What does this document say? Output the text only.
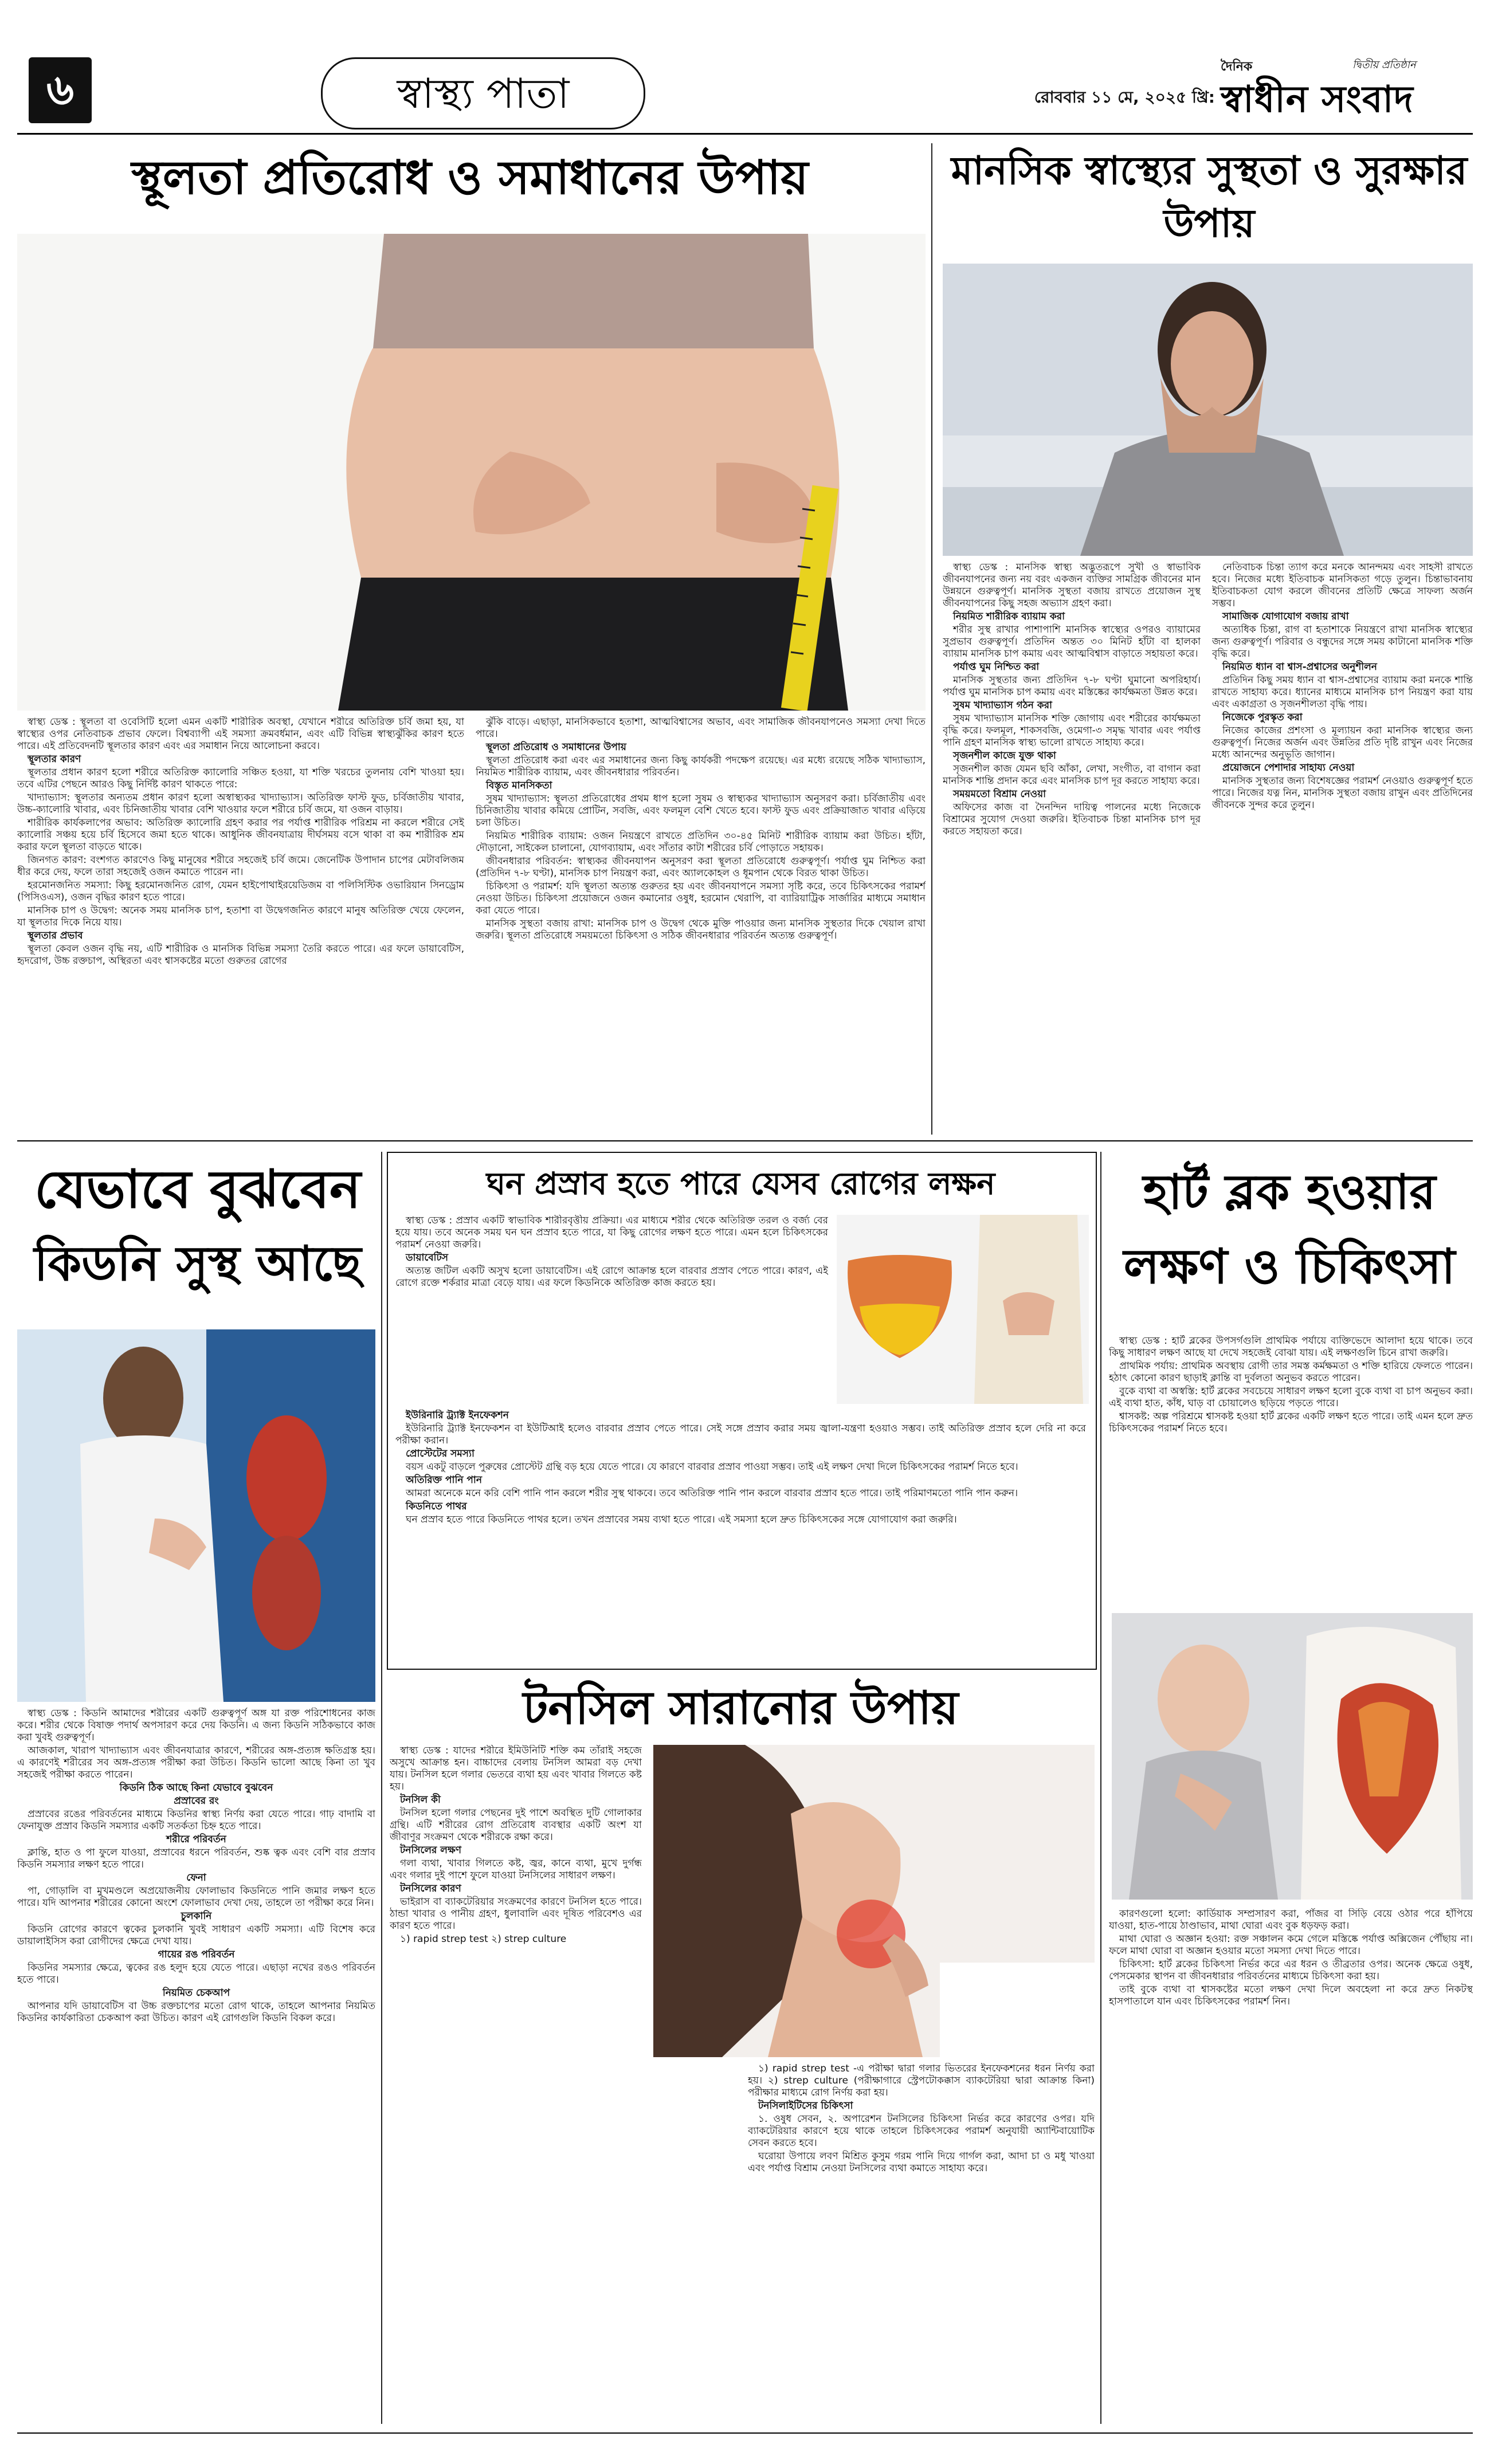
৬	স্বাস্থ্য পাতা	রোববার ১১ মে, ২০২৫ খ্রি:
দৈনিক	দ্বিতীয় প্রতিষ্ঠান
স্বাধীন সংবাদ
স্থূলতা প্রতিরোধ ও সমাধানের উপায়

স্বাস্থ্য ডেস্ক : স্থূলতা বা ওবেসিটি হলো এমন একটি শারীরিক অবস্থা, যেখানে শরীরে অতিরিক্ত চর্বি জমা হয়, যা স্বাস্থ্যের ওপর নেতিবাচক প্রভাব ফেলে। বিশ্বব্যাপী এই সমস্যা ক্রমবর্ধমান, এবং এটি বিভিন্ন স্বাস্থ্যঝুঁকির কারণ হতে পারে। এই প্রতিবেদনটি স্থূলতার কারণ এবং এর সমাধান নিয়ে আলোচনা করবে।

স্থূলতার কারণ

স্থূলতার প্রধান কারণ হলো শরীরে অতিরিক্ত ক্যালোরি সঞ্চিত হওয়া, যা শক্তি খরচের তুলনায় বেশি খাওয়া হয়। তবে এটির পেছনে আরও কিছু নির্দিষ্ট কারণ থাকতে পারে:

খাদ্যাভ্যাস: স্থূলতার অন্যতম প্রধান কারণ হলো অস্বাস্থ্যকর খাদ্যাভ্যাস। অতিরিক্ত ফাস্ট ফুড, চর্বিজাতীয় খাবার, উচ্চ-ক্যালোরি খাবার, এবং চিনিজাতীয় খাবার বেশি খাওয়ার ফলে শরীরে চর্বি জমে, যা ওজন বাড়ায়।

শারীরিক কার্যকলাপের অভাব: অতিরিক্ত ক্যালোরি গ্রহণ করার পর পর্যাপ্ত শারীরিক পরিশ্রম না করলে শরীরে সেই ক্যালোরি সঞ্চয় হয়ে চর্বি হিসেবে জমা হতে থাকে। আধুনিক জীবনযাত্রায় দীর্ঘসময় বসে থাকা বা কম শারীরিক শ্রম করার ফলে স্থূলতা বাড়তে থাকে।

জিনগত কারণ: বংশগত কারণেও কিছু মানুষের শরীরে সহজেই চর্বি জমে। জেনেটিক উপাদান চাপের মেটাবলিজম ধীর করে দেয়, ফলে তারা সহজেই ওজন কমাতে পারেন না।

হরমোনজনিত সমস্যা: কিছু হরমোনজনিত রোগ, যেমন হাইপোথাইরয়েডিজম বা পলিসিস্টিক ওভারিয়ান সিনড্রোম (পিসিওএস), ওজন বৃদ্ধির কারণ হতে পারে।

মানসিক চাপ ও উদ্বেগ: অনেক সময় মানসিক চাপ, হতাশা বা উদ্বেগজনিত কারণে মানুষ অতিরিক্ত খেয়ে ফেলেন, যা স্থূলতার দিকে নিয়ে যায়।

স্থূলতার প্রভাব

স্থূলতা কেবল ওজন বৃদ্ধি নয়, এটি শারীরিক ও মানসিক বিভিন্ন সমস্যা তৈরি করতে পারে। এর ফলে ডায়াবেটিস, হৃদরোগ, উচ্চ রক্তচাপ, অস্থিরতা এবং শ্বাসকষ্টের মতো গুরুতর রোগের

ঝুঁকি বাড়ে। এছাড়া, মানসিকভাবে হতাশা, আত্মবিশ্বাসের অভাব, এবং সামাজিক জীবনযাপনেও সমস্যা দেখা দিতে পারে।

স্থূলতা প্রতিরোধ ও সমাধানের উপায়

স্থূলতা প্রতিরোধ করা এবং এর সমাধানের জন্য কিছু কার্যকরী পদক্ষেপ রয়েছে। এর মধ্যে রয়েছে সঠিক খাদ্যাভ্যাস, নিয়মিত শারীরিক ব্যায়াম, এবং জীবনধারার পরিবর্তন।

বিস্তৃত মানসিকতা

সুষম খাদ্যাভ্যাস: স্থূলতা প্রতিরোধের প্রথম ধাপ হলো সুষম ও স্বাস্থ্যকর খাদ্যাভ্যাস অনুসরণ করা। চর্বিজাতীয় এবং চিনিজাতীয় খাবার কমিয়ে প্রোটিন, সবজি, এবং ফলমূল বেশি খেতে হবে। ফাস্ট ফুড এবং প্রক্রিয়াজাত খাবার এড়িয়ে চলা উচিত।

নিয়মিত শারীরিক ব্যায়াম: ওজন নিয়ন্ত্রণে রাখতে প্রতিদিন ৩০-৪৫ মিনিট শারীরিক ব্যায়াম করা উচিত। হাঁটা, দৌড়ানো, সাইকেল চালানো, যোগব্যায়াম, এবং সাঁতার কাটা শরীরের চর্বি পোড়াতে সহায়ক।

জীবনধারার পরিবর্তন: স্বাস্থ্যকর জীবনযাপন অনুসরণ করা স্থূলতা প্রতিরোধে গুরুত্বপূর্ণ। পর্যাপ্ত ঘুম নিশ্চিত করা (প্রতিদিন ৭-৮ ঘণ্টা), মানসিক চাপ নিয়ন্ত্রণ করা, এবং অ্যালকোহল ও ধূমপান থেকে বিরত থাকা উচিত।

চিকিৎসা ও পরামর্শ: যদি স্থূলতা অত্যন্ত গুরুতর হয় এবং জীবনযাপনে সমস্যা সৃষ্টি করে, তবে চিকিৎসকের পরামর্শ নেওয়া উচিত। চিকিৎসা প্রয়োজনে ওজন কমানোর ওষুধ, হরমোন থেরাপি, বা ব্যারিয়াট্রিক সার্জারির মাধ্যমে সমাধান করা যেতে পারে।

মানসিক সুস্থতা বজায় রাখা: মানসিক চাপ ও উদ্বেগ থেকে মুক্তি পাওয়ার জন্য মানসিক সুস্থতার দিকে খেয়াল রাখা জরুরি। স্থূলতা প্রতিরোধে সময়মতো চিকিৎসা ও সঠিক জীবনধারার পরিবর্তন অত্যন্ত গুরুত্বপূর্ণ।

মানসিক স্বাস্থ্যের সুস্থতা ও সুরক্ষার উপায়

স্বাস্থ্য ডেস্ক : মানসিক স্বাস্থ্য অদ্ভুতরূপে সুখী ও স্বাভাবিক জীবনযাপনের জন্য নয় বরং একজন ব্যক্তির সামগ্রিক জীবনের মান উন্নয়নে গুরুত্বপূর্ণ। মানসিক সুস্থতা বজায় রাখতে প্রয়োজন সুস্থ জীবনযাপনের কিছু সহজ অভ্যাস গ্রহণ করা।

নিয়মিত শারীরিক ব্যায়াম করা

শরীর সুস্থ রাখার পাশাপাশি মানসিক স্বাস্থ্যের ওপরও ব্যায়ামের সুপ্রভাব গুরুত্বপূর্ণ। প্রতিদিন অন্তত ৩০ মিনিট হাঁটা বা হালকা ব্যায়াম মানসিক চাপ কমায় এবং আত্মবিশ্বাস বাড়াতে সহায়তা করে।

পর্যাপ্ত ঘুম নিশ্চিত করা

মানসিক সুস্থতার জন্য প্রতিদিন ৭-৮ ঘণ্টা ঘুমানো অপরিহার্য। পর্যাপ্ত ঘুম মানসিক চাপ কমায় এবং মস্তিষ্কের কার্যক্ষমতা উন্নত করে।

সুষম খাদ্যাভ্যাস গঠন করা

সুষম খাদ্যাভ্যাস মানসিক শক্তি জোগায় এবং শরীরের কার্যক্ষমতা বৃদ্ধি করে। ফলমূল, শাকসবজি, ওমেগা-৩ সমৃদ্ধ খাবার এবং পর্যাপ্ত পানি গ্রহণ মানসিক স্বাস্থ্য ভালো রাখতে সাহায্য করে।

সৃজনশীল কাজে যুক্ত থাকা

সৃজনশীল কাজ যেমন ছবি আঁকা, লেখা, সংগীত, বা বাগান করা মানসিক শান্তি প্রদান করে এবং মানসিক চাপ দূর করতে সাহায্য করে।

সময়মতো বিশ্রাম নেওয়া

অফিসের কাজ বা দৈনন্দিন দায়িত্ব পালনের মধ্যে নিজেকে বিশ্রামের সুযোগ দেওয়া জরুরি। ইতিবাচক চিন্তা মানসিক চাপ দূর করতে সহায়তা করে।

নেতিবাচক চিন্তা ত্যাগ করে মনকে আনন্দময় এবং সাহসী রাখতে হবে। নিজের মধ্যে ইতিবাচক মানসিকতা গড়ে তুলুন। চিন্তাভাবনায় ইতিবাচকতা যোগ করলে জীবনের প্রতিটি ক্ষেত্রে সাফল্য অর্জন সম্ভব।

সামাজিক যোগাযোগ বজায় রাখা

অত্যধিক চিন্তা, রাগ বা হতাশাকে নিয়ন্ত্রণে রাখা মানসিক স্বাস্থ্যের জন্য গুরুত্বপূর্ণ। পরিবার ও বন্ধুদের সঙ্গে সময় কাটানো মানসিক শক্তি বৃদ্ধি করে।

নিয়মিত ধ্যান বা শ্বাস-প্রশ্বাসের অনুশীলন

প্রতিদিন কিছু সময় ধ্যান বা শ্বাস-প্রশ্বাসের ব্যায়াম করা মনকে শান্তি রাখতে সাহায্য করে। ধ্যানের মাধ্যমে মানসিক চাপ নিয়ন্ত্রণ করা যায় এবং একাগ্রতা ও সৃজনশীলতা বৃদ্ধি পায়।

নিজেকে পুরস্কৃত করা

নিজের কাজের প্রশংসা ও মূল্যায়ন করা মানসিক স্বাস্থ্যের জন্য গুরুত্বপূর্ণ। নিজের অর্জন এবং উন্নতির প্রতি দৃষ্টি রাখুন এবং নিজের মধ্যে আনন্দের অনুভূতি জাগান।

প্রয়োজনে পেশাদার সাহায্য নেওয়া

মানসিক সুস্থতার জন্য বিশেষজ্ঞের পরামর্শ নেওয়াও গুরুত্বপূর্ণ হতে পারে। নিজের যত্ন নিন, মানসিক সুস্থতা বজায় রাখুন এবং প্রতিদিনের জীবনকে সুন্দর করে তুলুন।

যেভাবে বুঝবেন
কিডনি সুস্থ আছে

স্বাস্থ্য ডেস্ক : কিডনি আমাদের শরীরের একটি গুরুত্বপূর্ণ অঙ্গ যা রক্ত পরিশোধনের কাজ করে। শরীর থেকে বিষাক্ত পদার্থ অপসারণ করে দেয় কিডনি। এ জন্য কিডনি সঠিকভাবে কাজ করা খুবই গুরুত্বপূর্ণ।

আজকাল, খারাপ খাদ্যাভ্যাস এবং জীবনযাত্রার কারণে, শরীরের অঙ্গ-প্রত্যঙ্গ ক্ষতিগ্রস্ত হয়। এ কারণেই শরীরের সব অঙ্গ-প্রত্যঙ্গ পরীক্ষা করা উচিত। কিডনি ভালো আছে কিনা তা খুব সহজেই পরীক্ষা করতে পারেন।

কিডনি ঠিক আছে কিনা যেভাবে বুঝবেন

প্রস্রাবের রং

প্রস্রাবের রঙের পরিবর্তনের মাধ্যমে কিডনির স্বাস্থ্য নির্ণয় করা যেতে পারে। গাঢ় বাদামি বা ফেনাযুক্ত প্রস্রাব কিডনি সমস্যার একটি সতর্কতা চিহ্ন হতে পারে।

শরীরে পরিবর্তন

ক্লান্তি, হাত ও পা ফুলে যাওয়া, প্রস্রাবের ধরনে পরিবর্তন, শুষ্ক ত্বক এবং বেশি বার প্রস্রাব কিডনি সমস্যার লক্ষণ হতে পারে।

ফেনা

পা, গোড়ালি বা মুখমণ্ডলে অপ্রয়োজনীয় ফোলাভাব কিডনিতে পানি জমার লক্ষণ হতে পারে। যদি আপনার শরীরের কোনো অংশে ফোলাভাব দেখা দেয়, তাহলে তা পরীক্ষা করে নিন।

চুলকানি

কিডনি রোগের কারণে ত্বকের চুলকানি খুবই সাধারণ একটি সমস্যা। এটি বিশেষ করে ডায়ালাইসিস করা রোগীদের ক্ষেত্রে দেখা যায়।

গায়ের রঙ পরিবর্তন

কিডনির সমস্যার ক্ষেত্রে, ত্বকের রঙ হলুদ হয়ে যেতে পারে। এছাড়া নখের রঙও পরিবর্তন হতে পারে।

নিয়মিত চেকআপ

আপনার যদি ডায়াবেটিস বা উচ্চ রক্তচাপের মতো রোগ থাকে, তাহলে আপনার নিয়মিত কিডনির কার্যকারিতা চেকআপ করা উচিত। কারণ এই রোগগুলি কিডনি বিকল করে।

ঘন প্রস্রাব হতে পারে যেসব রোগের লক্ষন

স্বাস্থ্য ডেস্ক : প্রস্রাব একটি স্বাভাবিক শারীরবৃত্তীয় প্রক্রিয়া। এর মাধ্যমে শরীর থেকে অতিরিক্ত তরল ও বর্জ্য বের হয়ে যায়। তবে অনেক সময় ঘন ঘন প্রস্রাব হতে পারে, যা কিছু রোগের লক্ষণ হতে পারে। এমন হলে চিকিৎসকের পরামর্শ নেওয়া জরুরি।

ডায়াবেটিস

অত্যন্ত জটিল একটি অসুখ হলো ডায়াবেটিস। এই রোগে আক্রান্ত হলে বারবার প্রস্রাব পেতে পারে। কারণ, এই রোগে রক্তে শর্করার মাত্রা বেড়ে যায়। এর ফলে কিডনিকে অতিরিক্ত কাজ করতে হয়।

ইউরিনারি ট্র্যাক্ট ইনফেকশন

ইউরিনারি ট্র্যাক্ট ইনফেকশন বা ইউটিআই হলেও বারবার প্রস্রাব পেতে পারে। সেই সঙ্গে প্রস্রাব করার সময় জ্বালা-যন্ত্রণা হওয়াও সম্ভব। তাই অতিরিক্ত প্রস্রাব হলে দেরি না করে পরীক্ষা করান।

প্রোস্টেটের সমস্যা

বয়স একটু বাড়লে পুরুষের প্রোস্টেট গ্রন্থি বড় হয়ে যেতে পারে। যে কারণে বারবার প্রস্রাব পাওয়া সম্ভব। তাই এই লক্ষণ দেখা দিলে চিকিৎসকের পরামর্শ নিতে হবে।

অতিরিক্ত পানি পান

আমরা অনেকে মনে করি বেশি পানি পান করলে শরীর সুস্থ থাকবে। তবে অতিরিক্ত পানি পান করলে বারবার প্রস্রাব হতে পারে। তাই পরিমাণমতো পানি পান করুন।

কিডনিতে পাথর

ঘন প্রস্রাব হতে পারে কিডনিতে পাথর হলে। তখন প্রস্রাবের সময় ব্যথা হতে পারে। এই সমস্যা হলে দ্রুত চিকিৎসকের সঙ্গে যোগাযোগ করা জরুরি।

টনসিল সারানোর উপায়

স্বাস্থ্য ডেস্ক : যাদের শরীরে ইমিউনিটি শক্তি কম তাঁরাই সহজে অসুখে আক্রান্ত হন। বাচ্চাদের বেলায় টনসিল আমরা বড় দেখা যায়। টনসিল হলে গলার ভেতরে ব্যথা হয় এবং খাবার গিলতে কষ্ট হয়।

টনসিল কী

টনসিল হলো গলার পেছনের দুই পাশে অবস্থিত দুটি গোলাকার গ্রন্থি। এটি শরীরের রোগ প্রতিরোধ ব্যবস্থার একটি অংশ যা জীবাণুর সংক্রমণ থেকে শরীরকে রক্ষা করে।

টনসিলের লক্ষণ

গলা ব্যথা, খাবার গিলতে কষ্ট, জ্বর, কানে ব্যথা, মুখে দুর্গন্ধ এবং গলার দুই পাশে ফুলে যাওয়া টনসিলের সাধারণ লক্ষণ।

টনসিলের কারণ

ভাইরাস বা ব্যাকটেরিয়ার সংক্রমণের কারণে টনসিল হতে পারে। ঠান্ডা খাবার ও পানীয় গ্রহণ, ধুলাবালি এবং দূষিত পরিবেশও এর কারণ হতে পারে।

১) rapid strep test ২) strep culture

১) rapid strep test -এ পরীক্ষা দ্বারা গলার ভিতরের ইনফেকশনের ধরন নির্ণয় করা হয়। ২) strep culture (পরীক্ষাগারে স্ট্রেপটোকক্কাস ব্যাকটেরিয়া দ্বারা আক্রান্ত কিনা) পরীক্ষার মাধ্যমে রোগ নির্ণয় করা হয়।

টনসিলাইটিসের চিকিৎসা

১. ওষুধ সেবন, ২. অপারেশন টনসিলের চিকিৎসা নির্ভর করে কারণের ওপর। যদি ব্যাকটেরিয়ার কারণে হয়ে থাকে তাহলে চিকিৎসকের পরামর্শ অনুযায়ী অ্যান্টিবায়োটিক সেবন করতে হবে।

ঘরোয়া উপায়ে লবণ মিশ্রিত কুসুম গরম পানি দিয়ে গার্গল করা, আদা চা ও মধু খাওয়া এবং পর্যাপ্ত বিশ্রাম নেওয়া টনসিলের ব্যথা কমাতে সাহায্য করে।

হার্ট ব্লক হওয়ার
লক্ষণ ও চিকিৎসা

স্বাস্থ্য ডেস্ক : হার্ট ব্লকের উপসর্গগুলি প্রাথমিক পর্যায়ে ব্যক্তিভেদে আলাদা হয়ে থাকে। তবে কিছু সাধারণ লক্ষণ আছে যা দেখে সহজেই বোঝা যায়। এই লক্ষণগুলি চিনে রাখা জরুরি।

প্রাথমিক পর্যায়: প্রাথমিক অবস্থায় রোগী তার সমস্ত কর্মক্ষমতা ও শক্তি হারিয়ে ফেলতে পারেন। হঠাৎ কোনো কারণ ছাড়াই ক্লান্তি বা দুর্বলতা অনুভব করতে পারেন।

বুকে ব্যথা বা অস্বস্তি: হার্ট ব্লকের সবচেয়ে সাধারণ লক্ষণ হলো বুকে ব্যথা বা চাপ অনুভব করা। এই ব্যথা হাত, কাঁধ, ঘাড় বা চোয়ালেও ছড়িয়ে পড়তে পারে।

শ্বাসকষ্ট: অল্প পরিশ্রমে শ্বাসকষ্ট হওয়া হার্ট ব্লকের একটি লক্ষণ হতে পারে। তাই এমন হলে দ্রুত চিকিৎসকের পরামর্শ নিতে হবে।

কারণগুলো হলো: কার্ডিয়াক সম্প্রসারণ করা, পাঁজর বা সিঁড়ি বেয়ে ওঠার পরে হাঁপিয়ে যাওয়া, হাত-পায়ে ঠাণ্ডাভাব, মাথা ঘোরা এবং বুক ধড়ফড় করা।

মাথা ঘোরা ও অজ্ঞান হওয়া: রক্ত সঞ্চালন কমে গেলে মস্তিষ্কে পর্যাপ্ত অক্সিজেন পৌঁছায় না। ফলে মাথা ঘোরা বা অজ্ঞান হওয়ার মতো সমস্যা দেখা দিতে পারে।

চিকিৎসা: হার্ট ব্লকের চিকিৎসা নির্ভর করে এর ধরন ও তীব্রতার ওপর। অনেক ক্ষেত্রে ওষুধ, পেসমেকার স্থাপন বা জীবনধারার পরিবর্তনের মাধ্যমে চিকিৎসা করা হয়।

তাই বুকে ব্যথা বা শ্বাসকষ্টের মতো লক্ষণ দেখা দিলে অবহেলা না করে দ্রুত নিকটস্থ হাসপাতালে যান এবং চিকিৎসকের পরামর্শ নিন।
